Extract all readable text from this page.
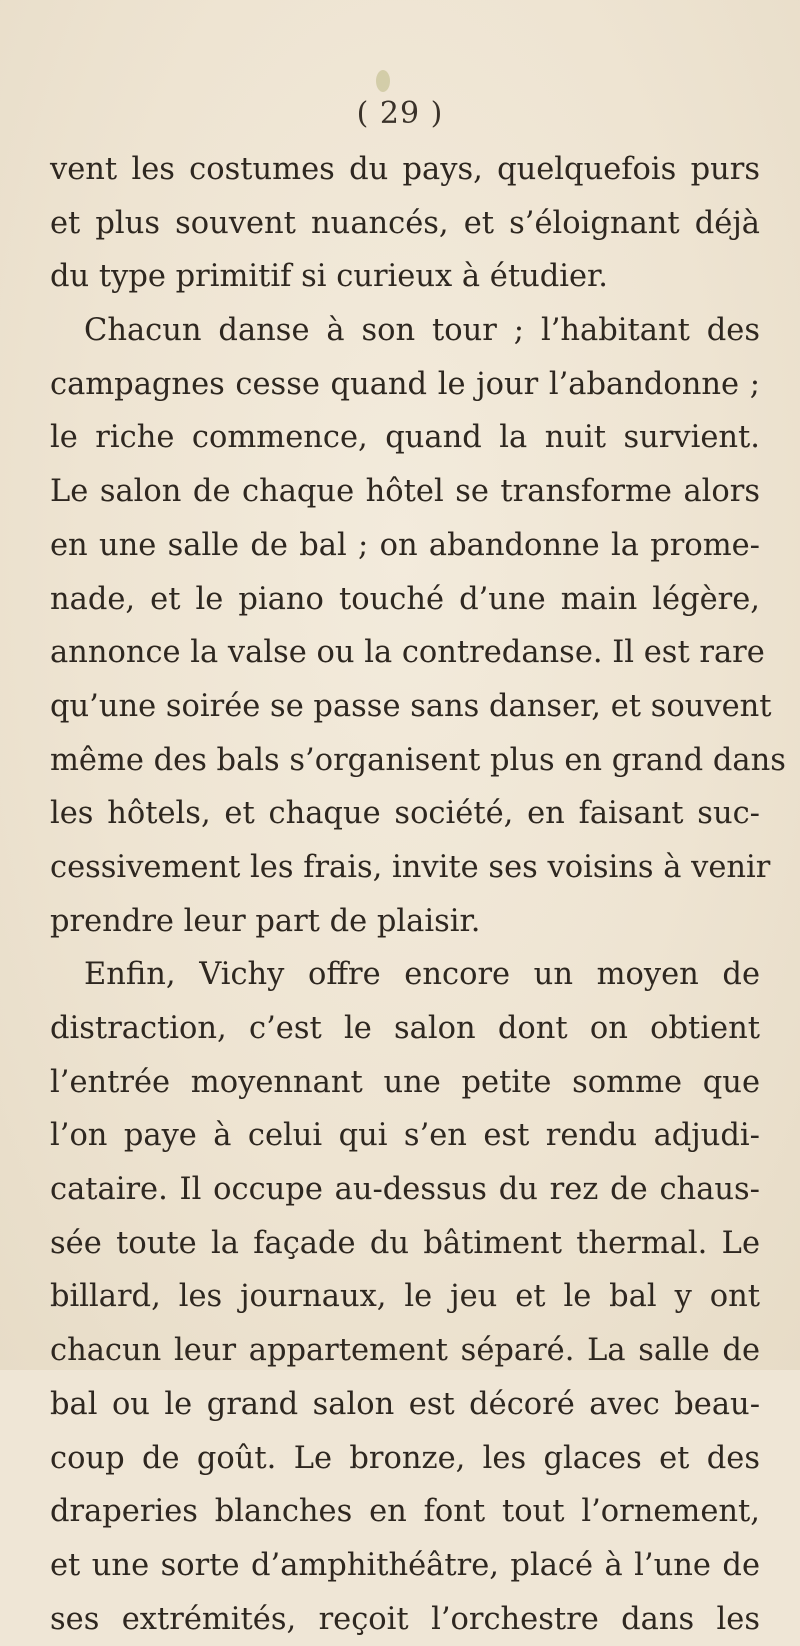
( 29 )
vent les costumes du pays, quelquefois purs
et plus souvent nuancés, et s’éloignant déjà
du type primitif si curieux à étudier.
Chacun danse à son tour ; l’habitant des
campagnes cesse quand le jour l’abandonne ;
le riche commence, quand la nuit survient.
Le salon de chaque hôtel se transforme alors
en une salle de bal ; on abandonne la prome-
nade, et le piano touché d’une main légère,
annonce la valse ou la contredanse. Il est rare
qu’une soirée se passe sans danser, et souvent
même des bals s’organisent plus en grand dans
les hôtels, et chaque société, en faisant suc-
cessivement les frais, invite ses voisins à venir
prendre leur part de plaisir.
Enfin, Vichy offre encore un moyen de
distraction, c’est le salon dont on obtient
l’entrée moyennant une petite somme que
l’on paye à celui qui s’en est rendu adjudi-
cataire. Il occupe au-dessus du rez de chaus-
sée toute la façade du bâtiment thermal. Le
billard, les journaux, le jeu et le bal y ont
chacun leur appartement séparé. La salle de
bal ou le grand salon est décoré avec beau-
coup de goût. Le bronze, les glaces et des
draperies blanches en font tout l’ornement,
et une sorte d’amphithéâtre, placé à l’une de
ses extrémités, reçoit l’orchestre dans les
